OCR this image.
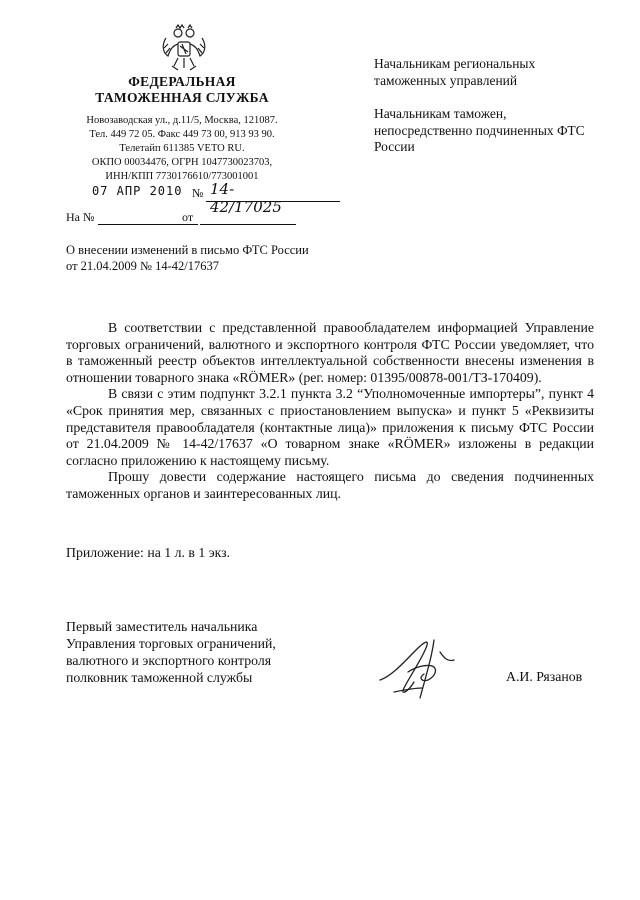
ФЕДЕРАЛЬНАЯ
ТАМОЖЕННАЯ СЛУЖБА
Новозаводская ул., д.11/5, Москва, 121087.
Тел. 449 72 05. Факс 449 73 00, 913 93 90.
Телетайп 611385 VETO RU.
ОКПО 00034476, ОГРН 1047730023703,
ИНН/КПП 7730176610/773001001
07 АПР 2010 № 14-42/17025
На №	от
О внесении изменений в письмо ФТС России от 21.04.2009 № 14-42/17637

Начальникам региональных таможенных управлений

Начальникам таможен, непосредственно подчиненных ФТС России

В соответствии с представленной правообладателем информацией Управление торговых ограничений, валютного и экспортного контроля ФТС России уведомляет, что в таможенный реестр объектов интеллектуальной собственности внесены изменения в отношении товарного знака «RÖMER» (рег. номер: 01395/00878-001/ТЗ-170409).

В связи с этим подпункт 3.2.1 пункта 3.2 “Уполномоченные импортеры”, пункт 4 «Срок принятия мер, связанных с приостановлением выпуска» и пункт 5 «Реквизиты представителя правообладателя (контактные лица)» приложения к письму ФТС России от 21.04.2009 № 14-42/17637 «О товарном знаке «RÖMER» изложены в редакции согласно приложению к настоящему письму.

Прошу довести содержание настоящего письма до сведения подчиненных таможенных органов и заинтересованных лиц.

Приложение: на 1 л. в 1 экз.
Первый заместитель начальника
Управления торговых ограничений,
валютного и экспортного контроля
полковник таможенной службы	А.И. Рязанов
